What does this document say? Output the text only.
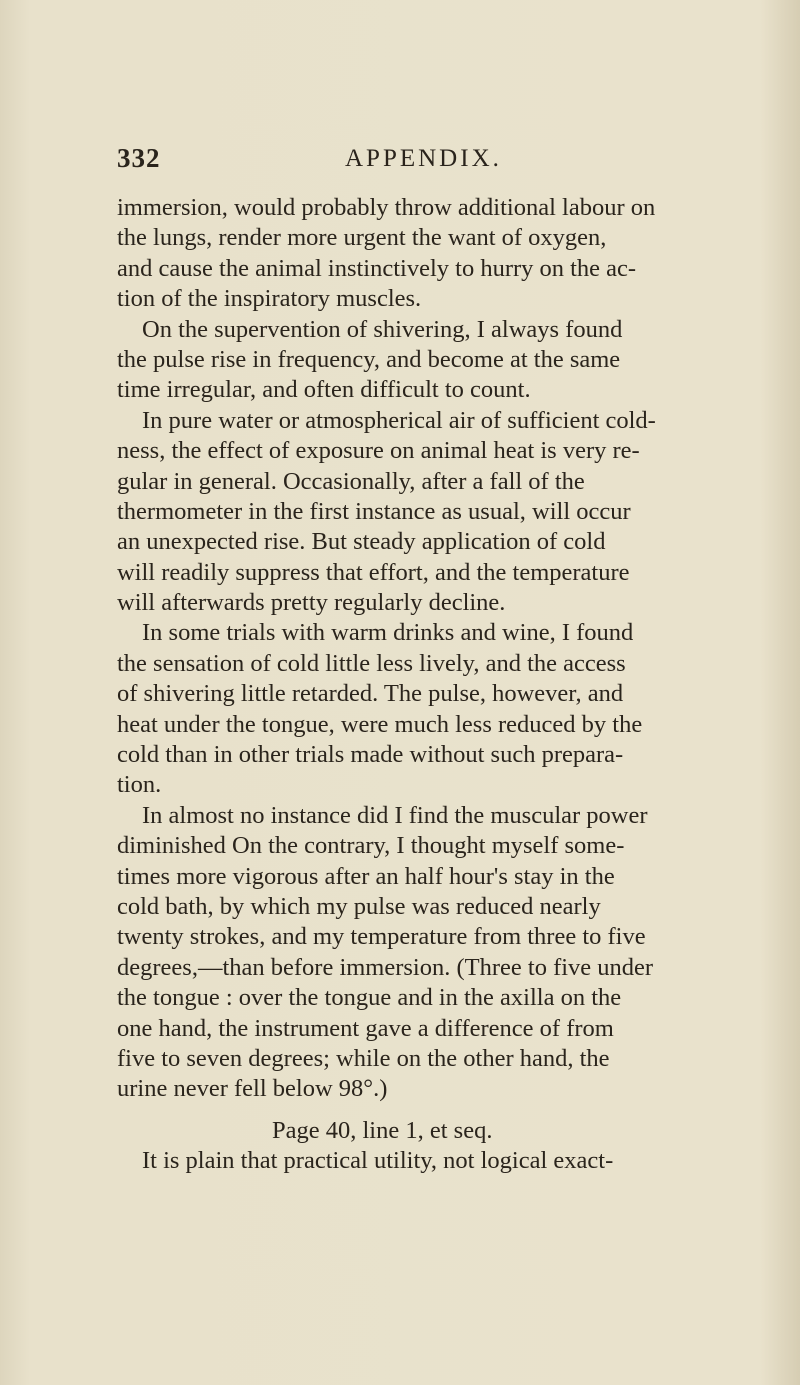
332	APPENDIX.
immersion, would probably throw additional labour on
the lungs, render more urgent the want of oxygen,
and cause the animal instinctively to hurry on the ac-
tion of the inspiratory muscles.
On the supervention of shivering, I always found
the pulse rise in frequency, and become at the same
time irregular, and often difficult to count.
In pure water or atmospherical air of sufficient cold-
ness, the effect of exposure on animal heat is very re-
gular in general. Occasionally, after a fall of the
thermometer in the first instance as usual, will occur
an unexpected rise. But steady application of cold
will readily suppress that effort, and the temperature
will afterwards pretty regularly decline.
In some trials with warm drinks and wine, I found
the sensation of cold little less lively, and the access
of shivering little retarded. The pulse, however, and
heat under the tongue, were much less reduced by the
cold than in other trials made without such prepara-
tion.
In almost no instance did I find the muscular power
diminished On the contrary, I thought myself some-
times more vigorous after an half hour's stay in the
cold bath, by which my pulse was reduced nearly
twenty strokes, and my temperature from three to five
degrees,—than before immersion. (Three to five under
the tongue : over the tongue and in the axilla on the
one hand, the instrument gave a difference of from
five to seven degrees; while on the other hand, the
urine never fell below 98°.)
Page 40, line 1, et seq.
It is plain that practical utility, not logical exact-
